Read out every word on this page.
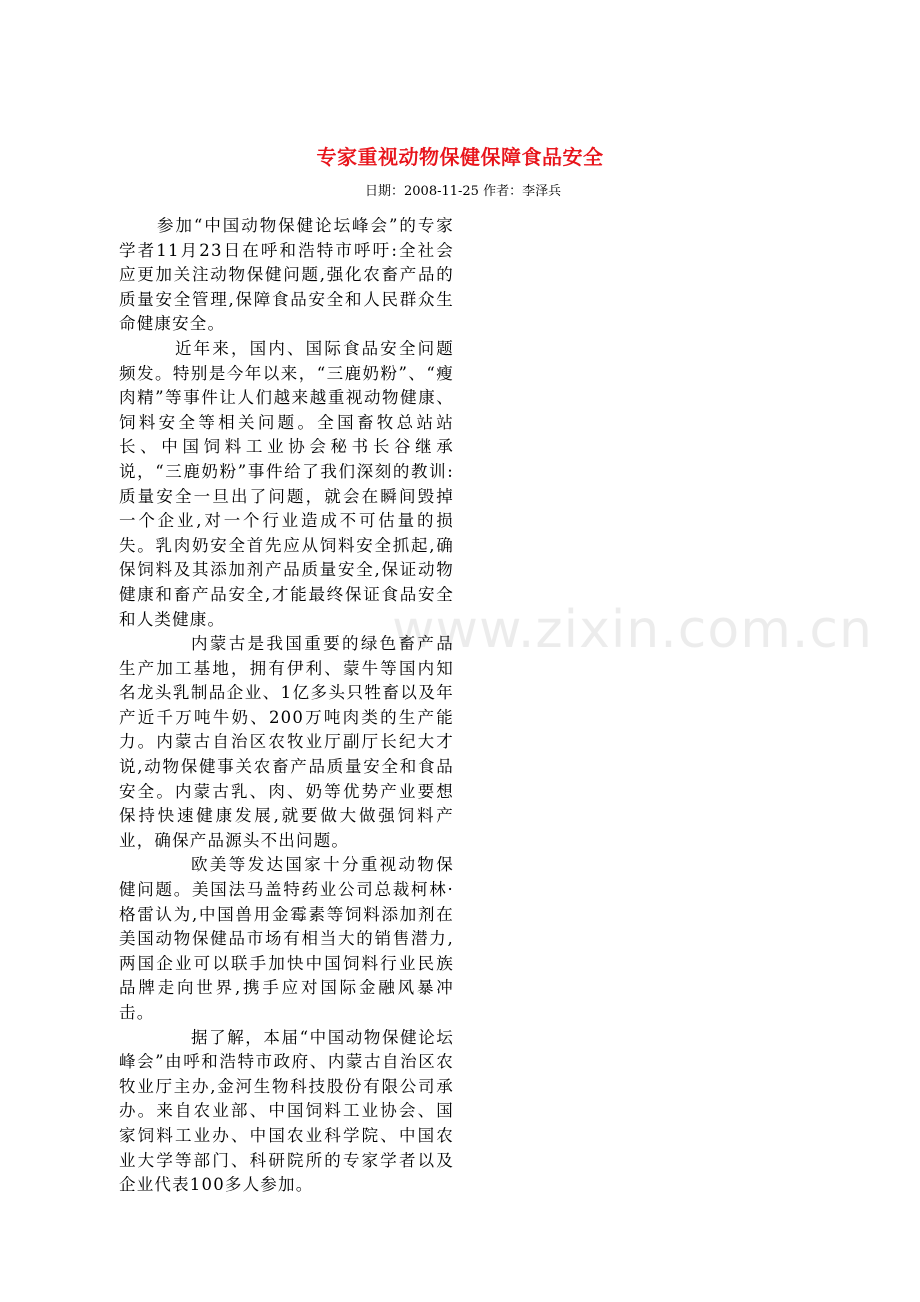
专家重视动物保健保障食品安全
日期：2008-11-25 作者：李泽兵

参加“中国动物保健论坛峰会”的专家学者11月23日在呼和浩特市呼吁:全社会应更加关注动物保健问题,强化农畜产品的质量安全管理,保障食品安全和人民群众生命健康安全。

近年来，国内、国际食品安全问题频发。特别是今年以来，“三鹿奶粉”、“瘦肉精”等事件让人们越来越重视动物健康、饲料安全等相关问题。全国畜牧总站站长、中国饲料工业协会秘书长谷继承说，“三鹿奶粉”事件给了我们深刻的教训:质量安全一旦出了问题，就会在瞬间毁掉一个企业,对一个行业造成不可估量的损失。乳肉奶安全首先应从饲料安全抓起,确保饲料及其添加剂产品质量安全,保证动物健康和畜产品安全,才能最终保证食品安全和人类健康。

内蒙古是我国重要的绿色畜产品生产加工基地，拥有伊利、蒙牛等国内知名龙头乳制品企业、1亿多头只牲畜以及年产近千万吨牛奶、200万吨肉类的生产能力。内蒙古自治区农牧业厅副厅长纪大才说,动物保健事关农畜产品质量安全和食品安全。内蒙古乳、肉、奶等优势产业要想保持快速健康发展,就要做大做强饲料产业，确保产品源头不出问题。

欧美等发达国家十分重视动物保健问题。美国法马盖特药业公司总裁柯林·格雷认为,中国兽用金霉素等饲料添加剂在美国动物保健品市场有相当大的销售潜力,两国企业可以联手加快中国饲料行业民族品牌走向世界,携手应对国际金融风暴冲击。

据了解，本届“中国动物保健论坛峰会”由呼和浩特市政府、内蒙古自治区农牧业厅主办,金河生物科技股份有限公司承办。来自农业部、中国饲料工业协会、国家饲料工业办、中国农业科学院、中国农业大学等部门、科研院所的专家学者以及企业代表100多人参加。

www.zixin.com.cn
